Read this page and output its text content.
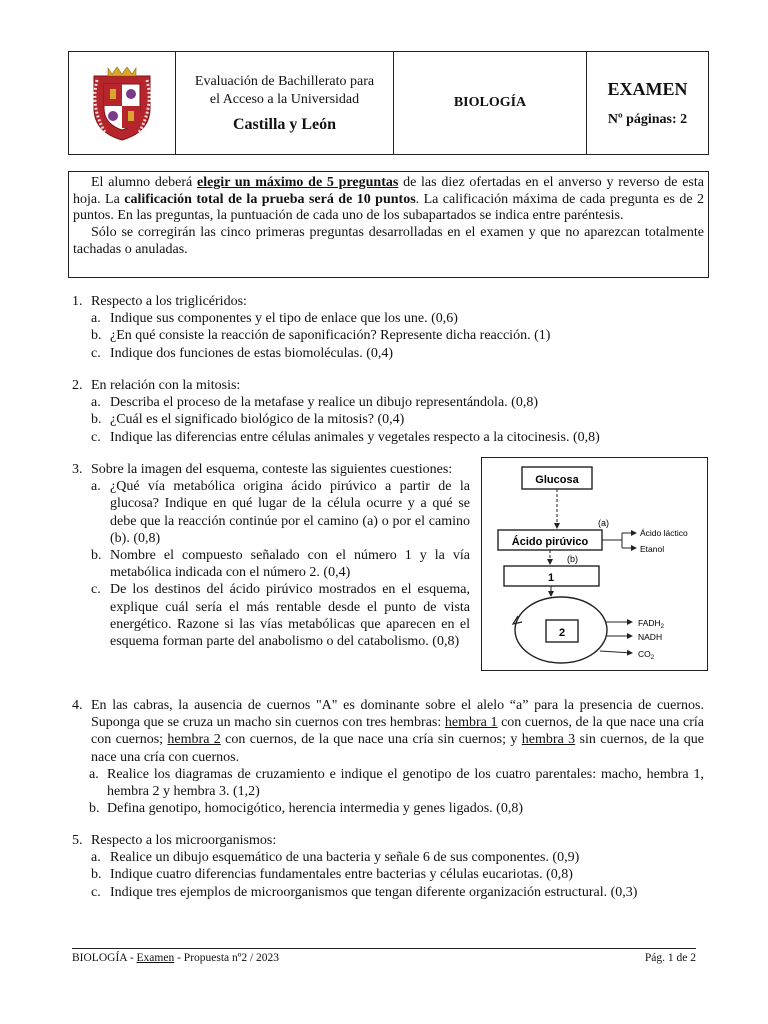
Evaluación de Bachillerato para
el Acceso a la Universidad
Castilla y León
BIOLOGÍA
EXAMEN
Nº páginas: 2

El alumno deberá elegir un máximo de 5 preguntas de las diez ofertadas en el anverso y reverso de esta hoja. La calificación total de la prueba será de 10 puntos. La calificación máxima de cada pregunta es de 2 puntos. En las preguntas, la puntuación de cada uno de los subapartados se indica entre paréntesis.

Sólo se corregirán las cinco primeras preguntas desarrolladas en el examen y que no aparezcan totalmente tachadas o anuladas.

1. Respecto a los triglicéridos:
a. Indique sus componentes y el tipo de enlace que los une. (0,6)
b. ¿En qué consiste la reacción de saponificación? Represente dicha reacción. (1)
c. Indique dos funciones de estas biomoléculas. (0,4)
2. En relación con la mitosis:
a. Describa el proceso de la metafase y realice un dibujo representándola. (0,8)
b. ¿Cuál es el significado biológico de la mitosis? (0,4)
c. Indique las diferencias entre células animales y vegetales respecto a la citocinesis. (0,8)
3. Sobre la imagen del esquema, conteste las siguientes cuestiones:
a. ¿Qué vía metabólica origina ácido pirúvico a partir de la glucosa? Indique en qué lugar de la célula ocurre y a qué se debe que la reacción continúe por el camino (a) o por el camino (b). (0,8)
b. Nombre el compuesto señalado con el número 1 y la vía metabólica indicada con el número 2. (0,4)
c. De los destinos del ácido pirúvico mostrados en el esquema, explique cuál sería el más rentable desde el punto de vista energético. Razone si las vías metabólicas que aparecen en el esquema forman parte del anabolismo o del catabolismo. (0,8)
Glucosa
Ácido pirúvico
(a)
Ácido láctico
Etanol
(b)
1
2
$FADH_2$
NADH
$CO_2$
4. En las cabras, la ausencia de cuernos "A" es dominante sobre el alelo “a” para la presencia de cuernos. Suponga que se cruza un macho sin cuernos con tres hembras: hembra 1 con cuernos, de la que nace una cría con cuernos; hembra 2 con cuernos, de la que nace una cría sin cuernos; y hembra 3 sin cuernos, de la que nace una cría con cuernos.
a. Realice los diagramas de cruzamiento e indique el genotipo de los cuatro parentales: macho, hembra 1, hembra 2 y hembra 3. (1,2)
b. Defina genotipo, homocigótico, herencia intermedia y genes ligados. (0,8)
5. Respecto a los microorganismos:
a. Realice un dibujo esquemático de una bacteria y señale 6 de sus componentes. (0,9)
b. Indique cuatro diferencias fundamentales entre bacterias y células eucariotas. (0,8)
c. Indique tres ejemplos de microorganismos que tengan diferente organización estructural. (0,3)
BIOLOGÍA - Examen - Propuesta nº2 / 2023	Pág. 1 de 2
